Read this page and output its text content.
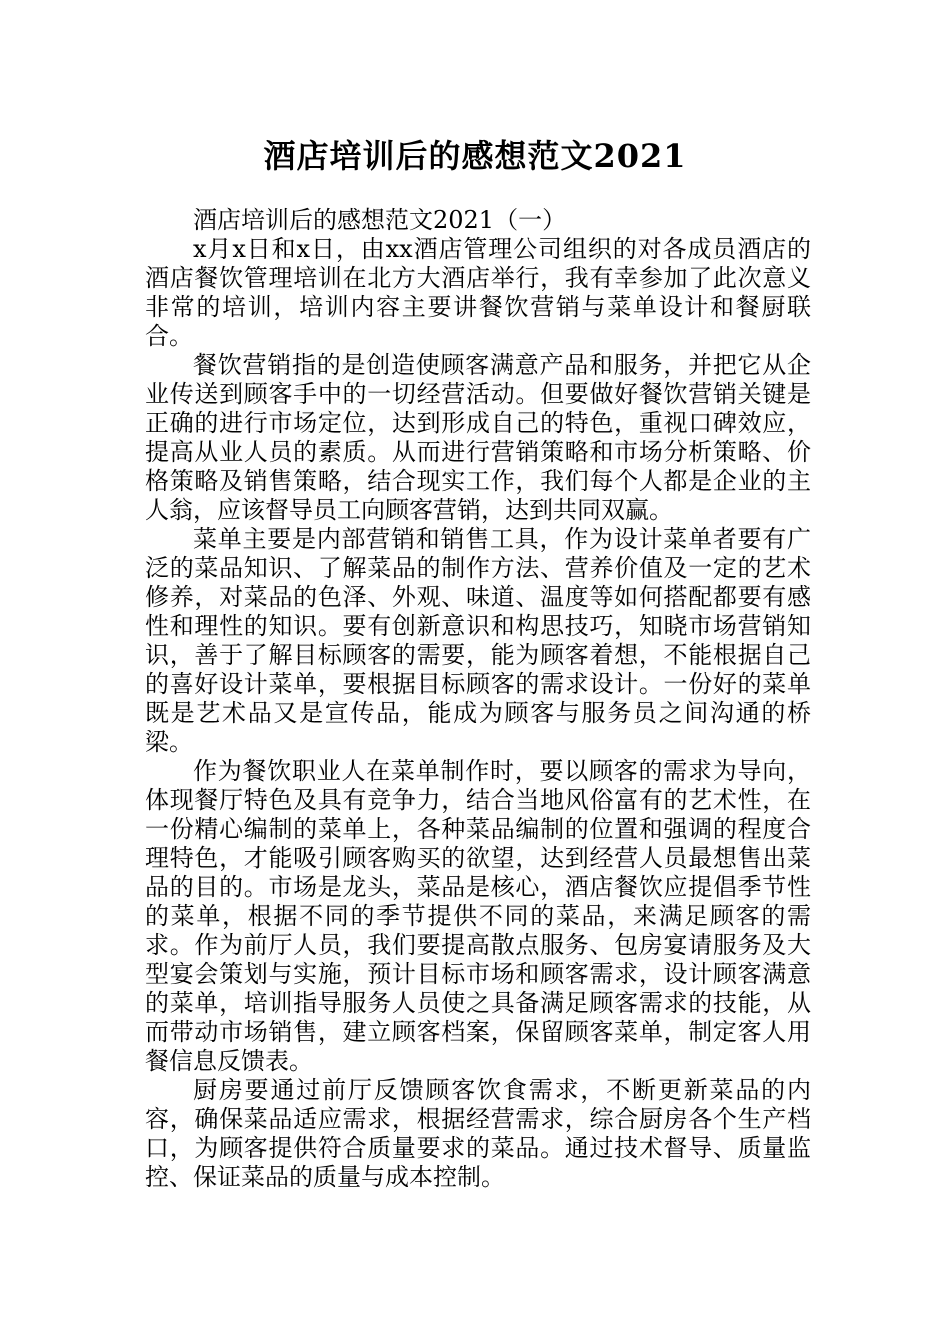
酒店培训后的感想范文2021

酒店培训后的感想范文2021（一）

x月x日和x日，由xx酒店管理公司组织的对各成员酒店的酒店餐饮管理培训在北方大酒店举行，我有幸参加了此次意义非常的培训，培训内容主要讲餐饮营销与菜单设计和餐厨联合。

餐饮营销指的是创造使顾客满意产品和服务，并把它从企业传送到顾客手中的一切经营活动。但要做好餐饮营销关键是正确的进行市场定位，达到形成自己的特色，重视口碑效应，提高从业人员的素质。从而进行营销策略和市场分析策略、价格策略及销售策略，结合现实工作，我们每个人都是企业的主人翁，应该督导员工向顾客营销，达到共同双赢。

菜单主要是内部营销和销售工具，作为设计菜单者要有广泛的菜品知识、了解菜品的制作方法、营养价值及一定的艺术修养，对菜品的色泽、外观、味道、温度等如何搭配都要有感性和理性的知识。要有创新意识和构思技巧，知晓市场营销知识，善于了解目标顾客的需要，能为顾客着想，不能根据自己的喜好设计菜单，要根据目标顾客的需求设计。一份好的菜单既是艺术品又是宣传品，能成为顾客与服务员之间沟通的桥梁。

作为餐饮职业人在菜单制作时，要以顾客的需求为导向，体现餐厅特色及具有竞争力，结合当地风俗富有的艺术性，在一份精心编制的菜单上，各种菜品编制的位置和强调的程度合理特色，才能吸引顾客购买的欲望，达到经营人员最想售出菜品的目的。市场是龙头，菜品是核心，酒店餐饮应提倡季节性的菜单，根据不同的季节提供不同的菜品，来满足顾客的需求。作为前厅人员，我们要提高散点服务、包房宴请服务及大型宴会策划与实施，预计目标市场和顾客需求，设计顾客满意的菜单，培训指导服务人员使之具备满足顾客需求的技能，从而带动市场销售，建立顾客档案，保留顾客菜单，制定客人用餐信息反馈表。

厨房要通过前厅反馈顾客饮食需求，不断更新菜品的内容，确保菜品适应需求，根据经营需求，综合厨房各个生产档口，为顾客提供符合质量要求的菜品。通过技术督导、质量监控、保证菜品的质量与成本控制。
